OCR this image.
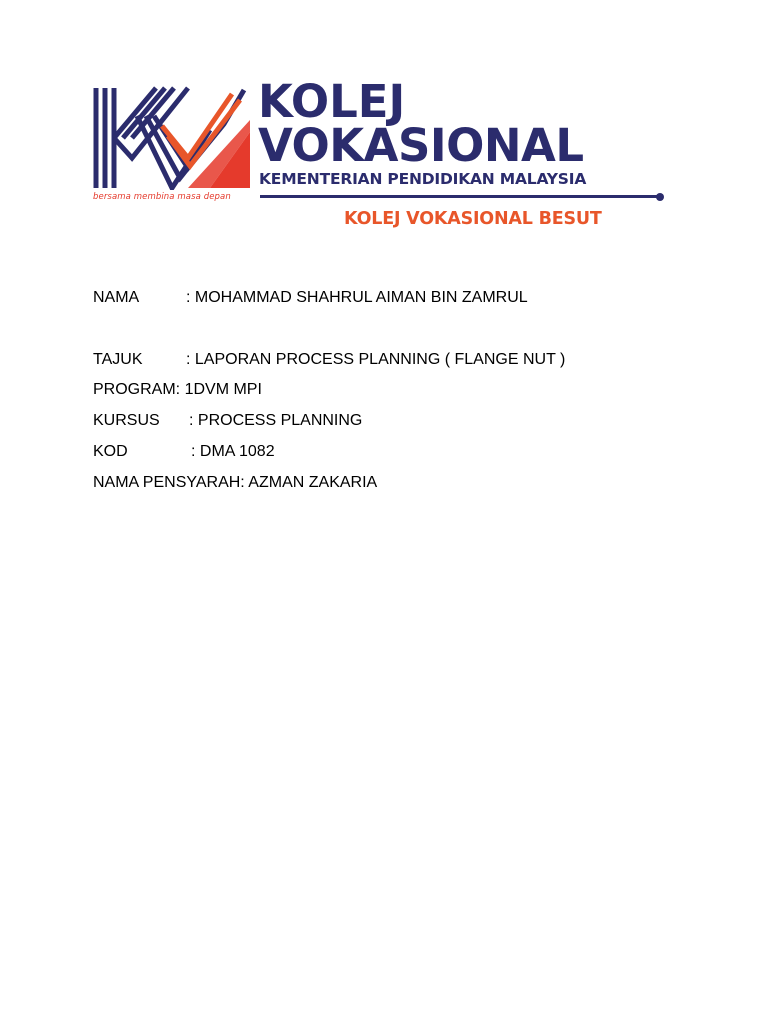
bersama membina masa depan
KOLEJ
VOKASIONAL
KEMENTERIAN PENDIDIKAN MALAYSIA
KOLEJ VOKASIONAL BESUT
NAMA	: MOHAMMAD SHAHRUL AIMAN BIN ZAMRUL
TAJUK	: LAPORAN PROCESS PLANNING ( FLANGE NUT )
PROGRAM: 1DVM MPI
KURSUS : PROCESS PLANNING
KOD	: DMA 1082
NAMA PENSYARAH: AZMAN ZAKARIA
